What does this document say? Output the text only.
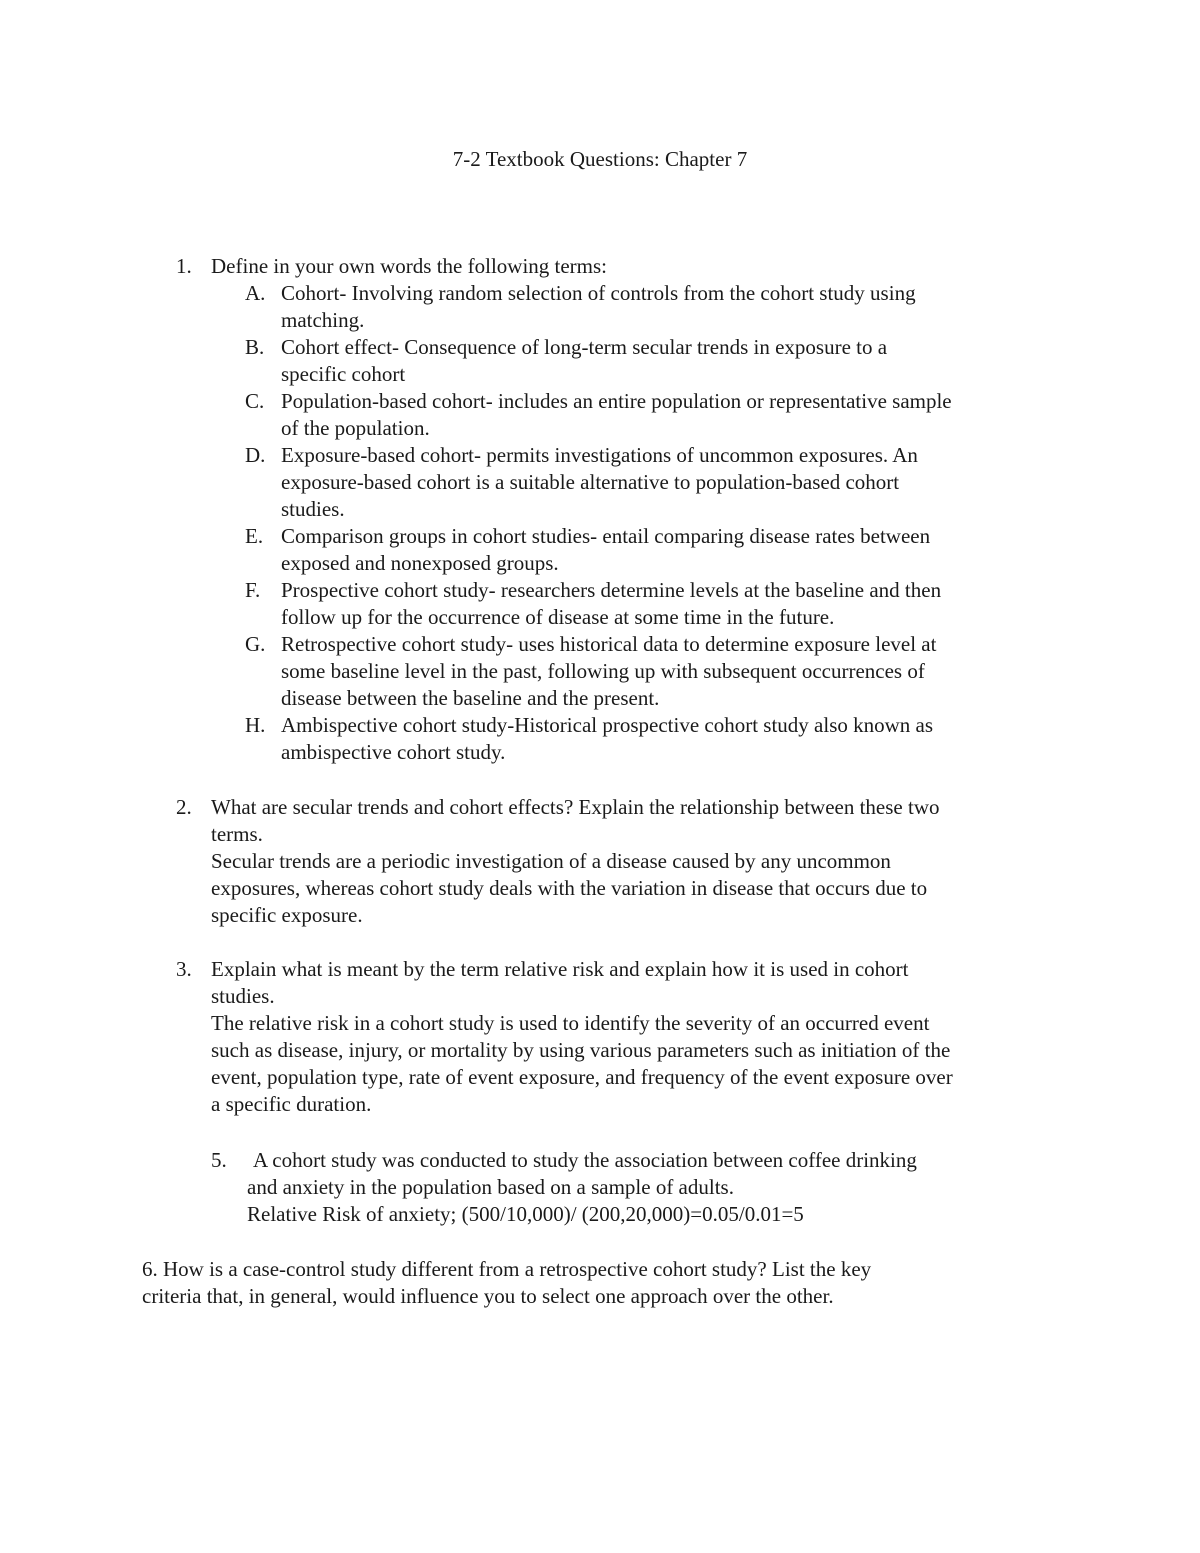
7-2 Textbook Questions: Chapter 7
1. Define in your own words the following terms:
A. Cohort- Involving random selection of controls from the cohort study using
matching.
B. Cohort effect- Consequence of long-term secular trends in exposure to a
specific cohort
C. Population-based cohort- includes an entire population or representative sample
of the population.
D. Exposure-based cohort- permits investigations of uncommon exposures. An
exposure-based cohort is a suitable alternative to population-based cohort
studies.
E. Comparison groups in cohort studies- entail comparing disease rates between
exposed and nonexposed groups.
F. Prospective cohort study- researchers determine levels at the baseline and then
follow up for the occurrence of disease at some time in the future.
G. Retrospective cohort study- uses historical data to determine exposure level at
some baseline level in the past, following up with subsequent occurrences of
disease between the baseline and the present.
H. Ambispective cohort study-Historical prospective cohort study also known as
ambispective cohort study.
2. What are secular trends and cohort effects? Explain the relationship between these two
terms.
Secular trends are a periodic investigation of a disease caused by any uncommon
exposures, whereas cohort study deals with the variation in disease that occurs due to
specific exposure.
3. Explain what is meant by the term relative risk and explain how it is used in cohort
studies.
The relative risk in a cohort study is used to identify the severity of an occurred event
such as disease, injury, or mortality by using various parameters such as initiation of the
event, population type, rate of event exposure, and frequency of the event exposure over
a specific duration.
5. A cohort study was conducted to study the association between coffee drinking
and anxiety in the population based on a sample of adults.
Relative Risk of anxiety; (500/10,000)/ (200,20,000)=0.05/0.01=5
6. How is a case-control study different from a retrospective cohort study? List the key
criteria that, in general, would influence you to select one approach over the other.
